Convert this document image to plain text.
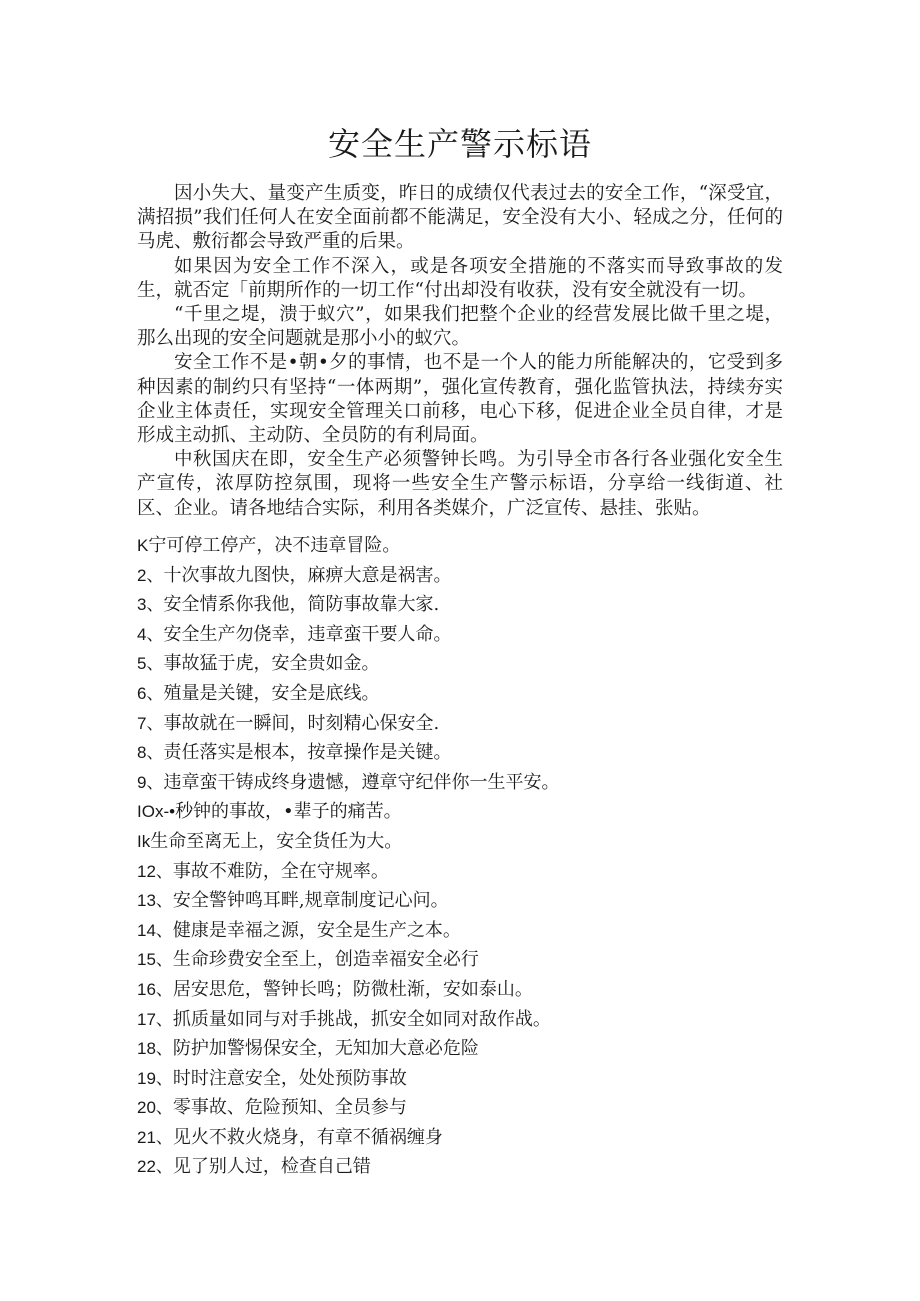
安全生产警示标语

因小失大、量变产生质变，昨日的成绩仅代表过去的安全工作，“深受宜，满招损”我们任何人在安全面前都不能满足，安全没有大小、轻成之分，任何的马虎、敷衍都会导致严重的后果。

如果因为安全工作不深入，或是各项安全措施的不落实而导致事故的发生，就否定「前期所作的一切工作“付出却没有收获，没有安全就没有一切。

“千里之堤，溃于蚁穴”，如果我们把整个企业的经营发展比做千里之堤，那么出现的安全问题就是那小小的蚁穴。

安全工作不是•朝•夕的事情，也不是一个人的能力所能解决的，它受到多种因素的制约只有坚持“一体两期”，强化宣传教育，强化监管执法，持续夯实企业主体责任，实现安全管理关口前移，电心下移，促进企业全员自律，才是形成主动抓、主动防、全员防的有利局面。

中秋国庆在即，安全生产必须警钟长鸣。为引导全市各行各业强化安全生产宣传，浓厚防控氛围，现将一些安全生产警示标语，分享给一线街道、社区、企业。请各地结合实际，利用各类媒介，广泛宣传、悬挂、张贴。

K宁可停工停产，决不违章冒险。
2、十次事故九图快，麻痹大意是祸害。
3、安全情系你我他，简防事故靠大家.
4、安全生产勿侥幸，违章蛮干要人命。
5、事故猛于虎，安全贵如金。
6、殖量是关键，安全是底线。
7、事故就在一瞬间，时刻精心保安全.
8、责任落实是根本，按章操作是关键。
9、违章蛮干铸成终身遗憾，遵章守纪伴你一生平安。
IOx-•秒钟的事故，•辈子的痛苦。
Ik生命至离无上，安全货任为大。
12、事故不难防，全在守规率。
13、安全警钟鸣耳畔,规章制度记心问。
14、健康是幸福之源，安全是生产之本。
15、生命珍费安全至上，创造幸福安全必行
16、居安思危，警钟长鸣；防微杜渐，安如泰山。
17、抓质量如同与对手挑战，抓安全如同对敌作战。
18、防护加警惕保安全，无知加大意必危险
19、时时注意安全，处处预防事故
20、零事故、危险预知、全员参与
21、见火不救火烧身，有章不循祸缠身
22、见了别人过，检查自己错
